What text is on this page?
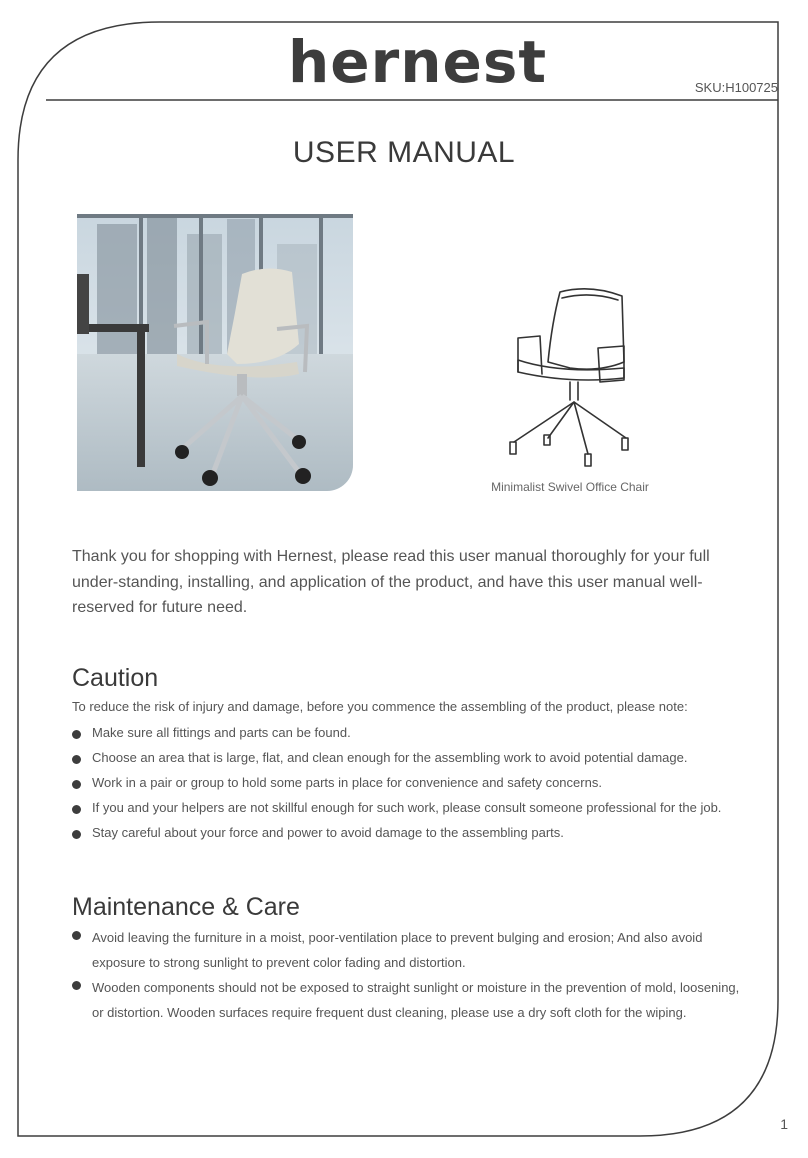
hernest	SKU:H100725
USER MANUAL
Minimalist Swivel Office Chair
Thank you for shopping with Hernest, please read this user manual thoroughly for your full under-standing, installing, and application of the product, and have this user manual well-reserved for future need.
Caution
To reduce the risk of injury and damage, before you commence the assembling of the product, please note:
Make sure all fittings and parts can be found.
Choose an area that is large, flat, and clean enough for the assembling work to avoid potential damage.
Work in a pair or group to hold some parts in place for convenience and safety concerns.
If you and your helpers are not skillful enough for such work, please consult someone professional for the job.
Stay careful about your force and power to avoid damage to the assembling parts.
Maintenance & Care
Avoid leaving the furniture in a moist, poor-ventilation place to prevent bulging and erosion; And also avoid exposure to strong sunlight to prevent color fading and distortion.
Wooden components should not be exposed to straight sunlight or moisture in the prevention of mold, loosening, or distortion. Wooden surfaces require frequent dust cleaning, please use a dry soft cloth for the wiping.
1
